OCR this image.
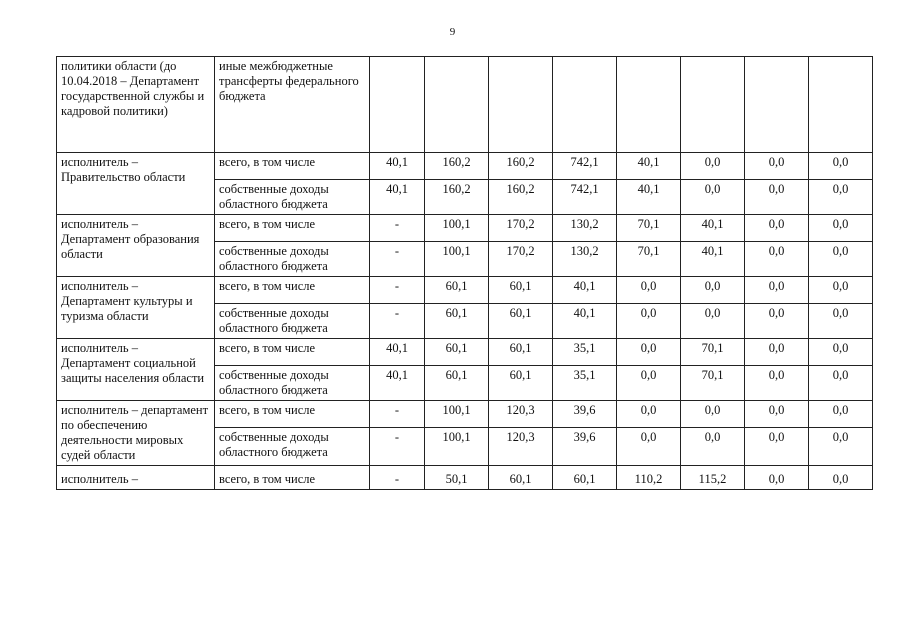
9
политики области (до 10.04.2018 – Департамент государственной службы и кадровой политики)	иные межбюджетные трансферты федерального бюджета								
исполнитель – Правительство области	всего, в том числе	40,1	160,2	160,2	742,1	40,1	0,0	0,0	0,0
	собственные доходы областного бюджета	40,1	160,2	160,2	742,1	40,1	0,0	0,0	0,0
исполнитель – Департамент образования области	всего, в том числе	-	100,1	170,2	130,2	70,1	40,1	0,0	0,0
	собственные доходы областного бюджета	-	100,1	170,2	130,2	70,1	40,1	0,0	0,0
исполнитель – Департамент культуры и туризма области	всего, в том числе	-	60,1	60,1	40,1	0,0	0,0	0,0	0,0
	собственные доходы областного бюджета	-	60,1	60,1	40,1	0,0	0,0	0,0	0,0
исполнитель – Департамент социальной защиты населения области	всего, в том числе	40,1	60,1	60,1	35,1	0,0	70,1	0,0	0,0
	собственные доходы областного бюджета	40,1	60,1	60,1	35,1	0,0	70,1	0,0	0,0
исполнитель – департамент по обеспечению деятельности мировых судей области	всего, в том числе	-	100,1	120,3	39,6	0,0	0,0	0,0	0,0
	собственные доходы областного бюджета	-	100,1	120,3	39,6	0,0	0,0	0,0	0,0
исполнитель –	всего, в том числе	-	50,1	60,1	60,1	110,2	115,2	0,0	0,0
